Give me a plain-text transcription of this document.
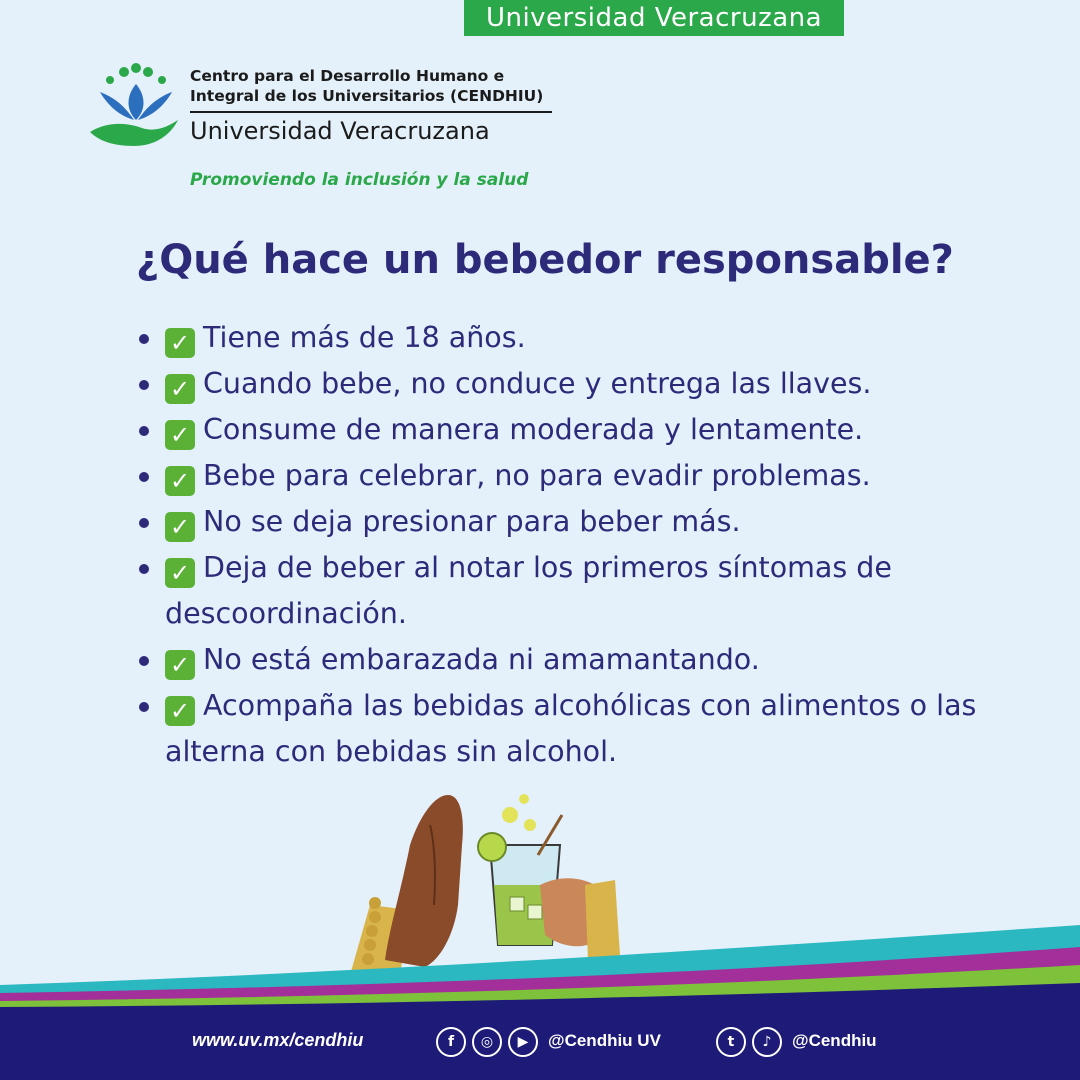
Universidad Veracruzana
Centro para el Desarrollo Humano e
Integral de los Universitarios (CENDHIU)
Universidad Veracruzana
Promoviendo la inclusión y la salud
¿Qué hace un bebedor responsable?
✓ Tiene más de 18 años.
✓ Cuando bebe, no conduce y entrega las llaves.
✓ Consume de manera moderada y lentamente.
✓ Bebe para celebrar, no para evadir problemas.
✓ No se deja presionar para beber más.
✓ Deja de beber al notar los primeros síntomas de descoordinación.
✓ No está embarazada ni amamantando.
✓ Acompaña las bebidas alcohólicas con alimentos o las alterna con bebidas sin alcohol.
www.uv.mx/cendhiu	f	◎	▶	@Cendhiu UV	t	♪	@Cendhiu
